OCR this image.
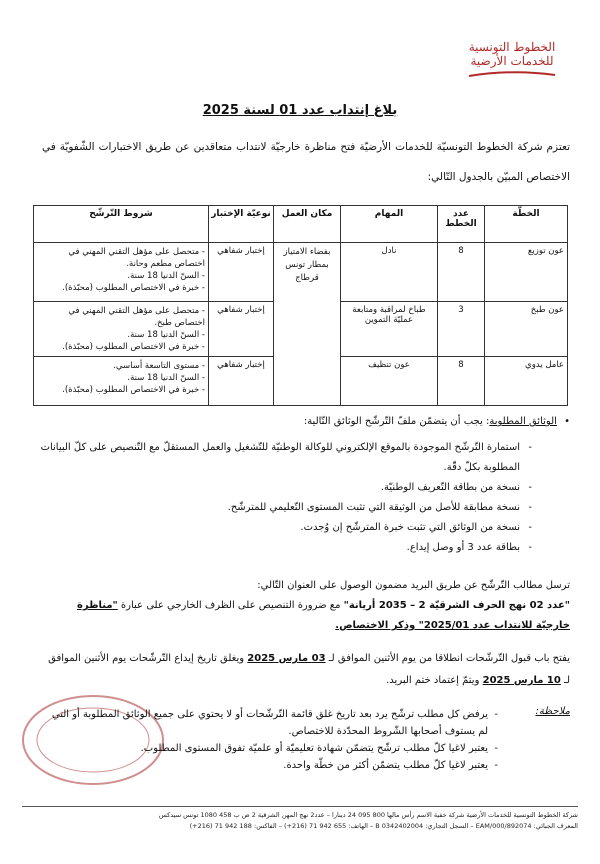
الخطوط التونسية
للخدمات الأرضية
بلاغ إنتداب عدد 01 لسنة 2025
تعتزم شركة الخطوط التونسيّة للخدمات الأرضيّة فتح مناظرة خارجيّة لانتداب متعاقدين عن طريق الاختبارات الشّفويّة في الاختصاص المبيّن بالجدول التّالي:
الخطّة	عدد الخطط	المهام	مكان العمل	نوعيّة الإختبار	شروط التّرشّح
عون توزيع	8	نادل	بفضاء الامتياز بمطار تونس قرطاج	إختبار شفاهي	- متحصل على مؤهل التقني المهني في اختصاص مطعم وحانة.
- السنّ الدنيا 18 سنة.
- خبرة في الاختصاص المطلوب (محبّذة).

عون طبخ	3	طباخ لمراقبة ومتابعة عمليّة التموين		إختبار شفاهي	- متحصل على مؤهل التقني المهني في اختصاص طبخ.
- السنّ الدنيا 18 سنة.
- خبرة في الاختصاص المطلوب (محبّذة).

عامل يدوي	8	عون تنظيف		إختبار شفاهي	- مستوى التاسعة أساسي.
- السنّ الدنيا 18 سنة.
- خبرة في الاختصاص المطلوب (محبّذة).
• الوثائق المطلوبة: يجب أن يتضمّن ملفّ التّرشّح الوثائق التّالية:
- استمارة التّرشّح الموجودة بالموقع الإلكتروني للوكالة الوطنيّة للتّشغيل والعمل المستقلّ مع التّنصيص على كلّ البيانات المطلوبة بكلّ دقّة.
- نسخة من بطاقة التّعريف الوطنيّة.
- نسخة مطابقة للأصل من الوثيقة التي تثبت المستوى التّعليمي للمترشّح.
- نسخة من الوثائق التي تثبت خبرة المترشّح إن وُجدت.
- بطاقة عدد 3 أو وصل إيداع.
ترسل مطالب التّرشّح عن طريق البريد مضمون الوصول على العنوان التّالي:
"عدد 02 نهج الحرف الشرقيّة 2 – 2035 أريانة" مع ضرورة التنصيص على الظرف الخارجي على عبارة "مناظرة خارجيّة للانتداب عدد 2025/01" وذكر الاختصاص.
يفتح باب قبول التّرشّحات انطلاقا من يوم الأثنين الموافق لـ 03 مارس 2025 ويغلق تاريخ إيداع التّرشّحات يوم الأثنين الموافق لـ 10 مارس 2025 ويتمّ إعتماد ختم البريد.
ملاحظة:
- يرفض كل مطلب ترشّح يرد بعد تاريخ غلق قائمة التّرشّحات أو لا يحتوي على جميع الوثائق المطلوبة أو التي لم يستوف أصحابها الشّروط المحدّدة للاختصاص.
- يعتبر لاغيا كلّ مطلب ترشّح يتضمّن شهادة تعليميّة أو علميّة تفوق المستوى المطلوب.
- يعتبر لاغيا كلّ مطلب يتضمّن أكثر من خطّة واحدة.
شركة الخطوط التونسية للخدمات الأرضية شركة خفية الاسم رأس مالها 800 095 24 دينارا – عدد2 نهج المهن الشرقية 2 ص ب 458 1080 تونس سيدكس
المعرف الجبائي: 892074/EAM/000 – السجل التجاري: B 0342402004 – الهاتف: 655 942 71 (216+) – الفاكس: 188 942 71 (216+)
